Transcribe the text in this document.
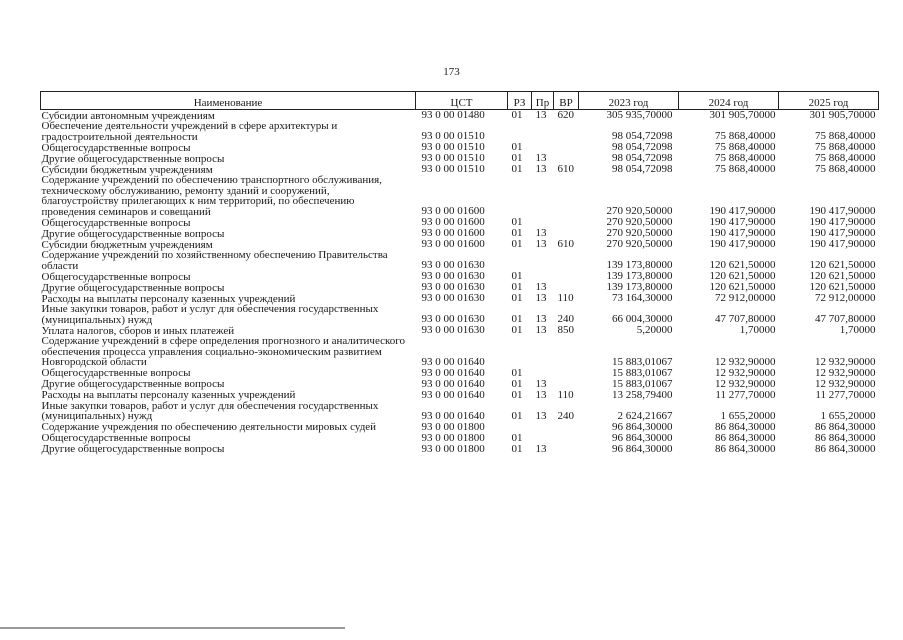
173
Наименование	ЦСТ	РЗ	Пр	ВР	2023 год	2024 год	2025 год
Субсидии автономным учреждениям	93 0 00 01480	01	13	620	305 935,70000	301 905,70000	301 905,70000
Обеспечение деятельности учреждений в сфере архитектуры и градостроительной деятельности	93 0 00 01510				98 054,72098	75 868,40000	75 868,40000
Общегосударственные вопросы	93 0 00 01510	01			98 054,72098	75 868,40000	75 868,40000
Другие общегосударственные вопросы	93 0 00 01510	01	13		98 054,72098	75 868,40000	75 868,40000
Субсидии бюджетным учреждениям	93 0 00 01510	01	13	610	98 054,72098	75 868,40000	75 868,40000
Содержание учреждений по обеспечению транспортного обслуживания, техническому обслуживанию, ремонту зданий и сооружений, благоустройству прилегающих к ним территорий, по обеспечению проведения семинаров и совещаний	93 0 00 01600				270 920,50000	190 417,90000	190 417,90000
Общегосударственные вопросы	93 0 00 01600	01			270 920,50000	190 417,90000	190 417,90000
Другие общегосударственные вопросы	93 0 00 01600	01	13		270 920,50000	190 417,90000	190 417,90000
Субсидии бюджетным учреждениям	93 0 00 01600	01	13	610	270 920,50000	190 417,90000	190 417,90000
Содержание учреждений по хозяйственному обеспечению Правительства области	93 0 00 01630				139 173,80000	120 621,50000	120 621,50000
Общегосударственные вопросы	93 0 00 01630	01			139 173,80000	120 621,50000	120 621,50000
Другие общегосударственные вопросы	93 0 00 01630	01	13		139 173,80000	120 621,50000	120 621,50000
Расходы на выплаты персоналу казенных учреждений	93 0 00 01630	01	13	110	73 164,30000	72 912,00000	72 912,00000
Иные закупки товаров, работ и услуг для обеспечения государственных (муниципальных) нужд	93 0 00 01630	01	13	240	66 004,30000	47 707,80000	47 707,80000
Уплата налогов, сборов и иных платежей	93 0 00 01630	01	13	850	5,20000	1,70000	1,70000
Содержание учреждений в сфере определения прогнозного и аналитического обеспечения процесса управления социально-экономическим развитием Новгородской области	93 0 00 01640				15 883,01067	12 932,90000	12 932,90000
Общегосударственные вопросы	93 0 00 01640	01			15 883,01067	12 932,90000	12 932,90000
Другие общегосударственные вопросы	93 0 00 01640	01	13		15 883,01067	12 932,90000	12 932,90000
Расходы на выплаты персоналу казенных учреждений	93 0 00 01640	01	13	110	13 258,79400	11 277,70000	11 277,70000
Иные закупки товаров, работ и услуг для обеспечения государственных (муниципальных) нужд	93 0 00 01640	01	13	240	2 624,21667	1 655,20000	1 655,20000
Содержание учреждения по обеспечению деятельности мировых судей	93 0 00 01800				96 864,30000	86 864,30000	86 864,30000
Общегосударственные вопросы	93 0 00 01800	01			96 864,30000	86 864,30000	86 864,30000
Другие общегосударственные вопросы	93 0 00 01800	01	13		96 864,30000	86 864,30000	86 864,30000
